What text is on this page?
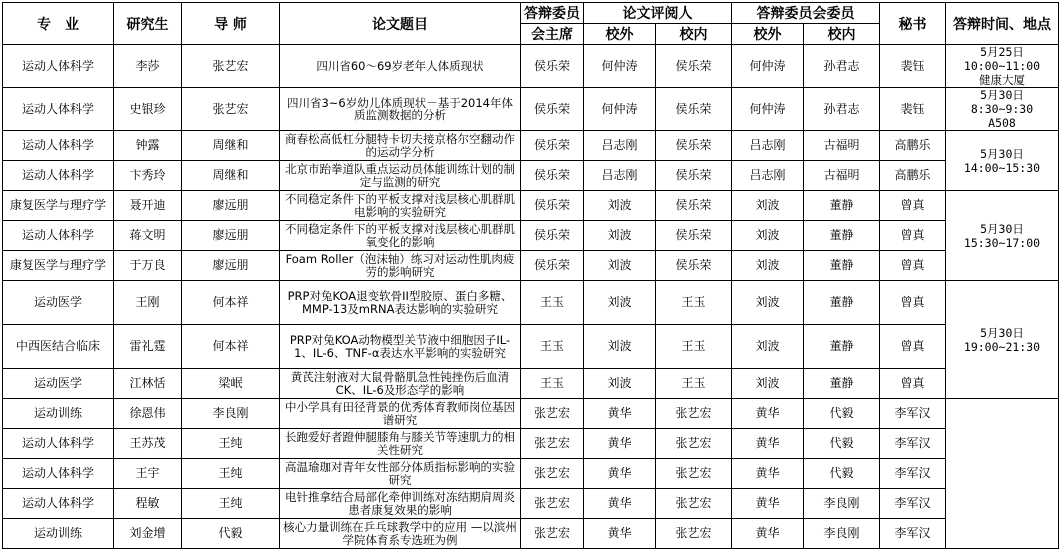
专　业	研究生	导 师	论文题目	答辩委员	论文评阅人		答辩委员会委员		秘书	答辩时间、地点
				会主席	校外	校内	校外	校内		
运动人体科学	李莎	张艺宏	四川省60～69岁老年人体质现状	侯乐荣	何仲涛	侯乐荣	何仲涛	孙君志	裴钰	5月25日
10:00~11:00
健康大厦

运动人体科学	史银珍	张艺宏	四川省3~6岁幼儿体质现状－基于2014年体质监测数据的分析	侯乐荣	何仲涛	侯乐荣	何仲涛	孙君志	裴钰	5月30日
8:30~9:30
A508

运动人体科学	钟露	周继和	商春松高低杠分腿特卡切夫接京格尔空翻动作的运动学分析	侯乐荣	吕志刚	侯乐荣	吕志刚	古福明	高鹏乐	5月30日
14:00~15:30

运动人体科学	卞秀玲	周继和	北京市跆拳道队重点运动员体能训练计划的制定与监测的研究	侯乐荣	吕志刚	侯乐荣	吕志刚	古福明	高鹏乐	
康复医学与理疗学	聂开迪	廖远朋	不同稳定条件下的平板支撑对浅层核心肌群肌电影响的实验研究	侯乐荣	刘波	侯乐荣	刘波	董静	曾真	5月30日
15:30~17:00

运动人体科学	蒋文明	廖远朋	不同稳定条件下的平板支撑对浅层核心肌群肌氧变化的影响	侯乐荣	刘波	侯乐荣	刘波	董静	曾真	
康复医学与理疗学	于万良	廖远朋	Foam Roller（泡沫轴）练习对运动性肌肉疲劳的影响研究	侯乐荣	刘波	侯乐荣	刘波	董静	曾真	
运动医学	王刚	何本祥	PRP对兔KOA退变软骨II型胶原、蛋白多糖、MMP-13及mRNA表达影响的实验研究	王玉	刘波	王玉	刘波	董静	曾真	5月30日
19:00~21:30

中西医结合临床	雷礼霆	何本祥	PRP对兔KOA动物模型关节液中细胞因子IL-1、IL-6、TNF-α表达水平影响的实验研究	王玉	刘波	王玉	刘波	董静	曾真	
运动医学	江林恬	梁岷	黄芪注射液对大鼠骨骼肌急性钝挫伤后血清CK、IL-6及形态学的影响	王玉	刘波	王玉	刘波	董静	曾真	
运动训练	徐恩伟	李良刚	中小学具有田径背景的优秀体育教师岗位基因谱研究	张艺宏	黄华	张艺宏	黄华	代毅	李军汉	

运动人体科学	王苏茂	王纯	长跑爱好者蹬伸腿膝角与膝关节等速肌力的相关性研究	张艺宏	黄华	张艺宏	黄华	代毅	李军汉	
运动人体科学	王宇	王纯	高温瑜珈对青年女性部分体质指标影响的实验研究	张艺宏	黄华	张艺宏	黄华	代毅	李军汉	
运动人体科学	程敏	王纯	电针推拿结合局部化牵伸训练对冻结期肩周炎患者康复效果的影响	张艺宏	黄华	张艺宏	黄华	李良刚	李军汉	
运动训练	刘金增	代毅	核心力量训练在乒乓球教学中的应用 —以滨州学院体育系专选班为例	张艺宏	黄华	张艺宏	黄华	李良刚	李军汉	
